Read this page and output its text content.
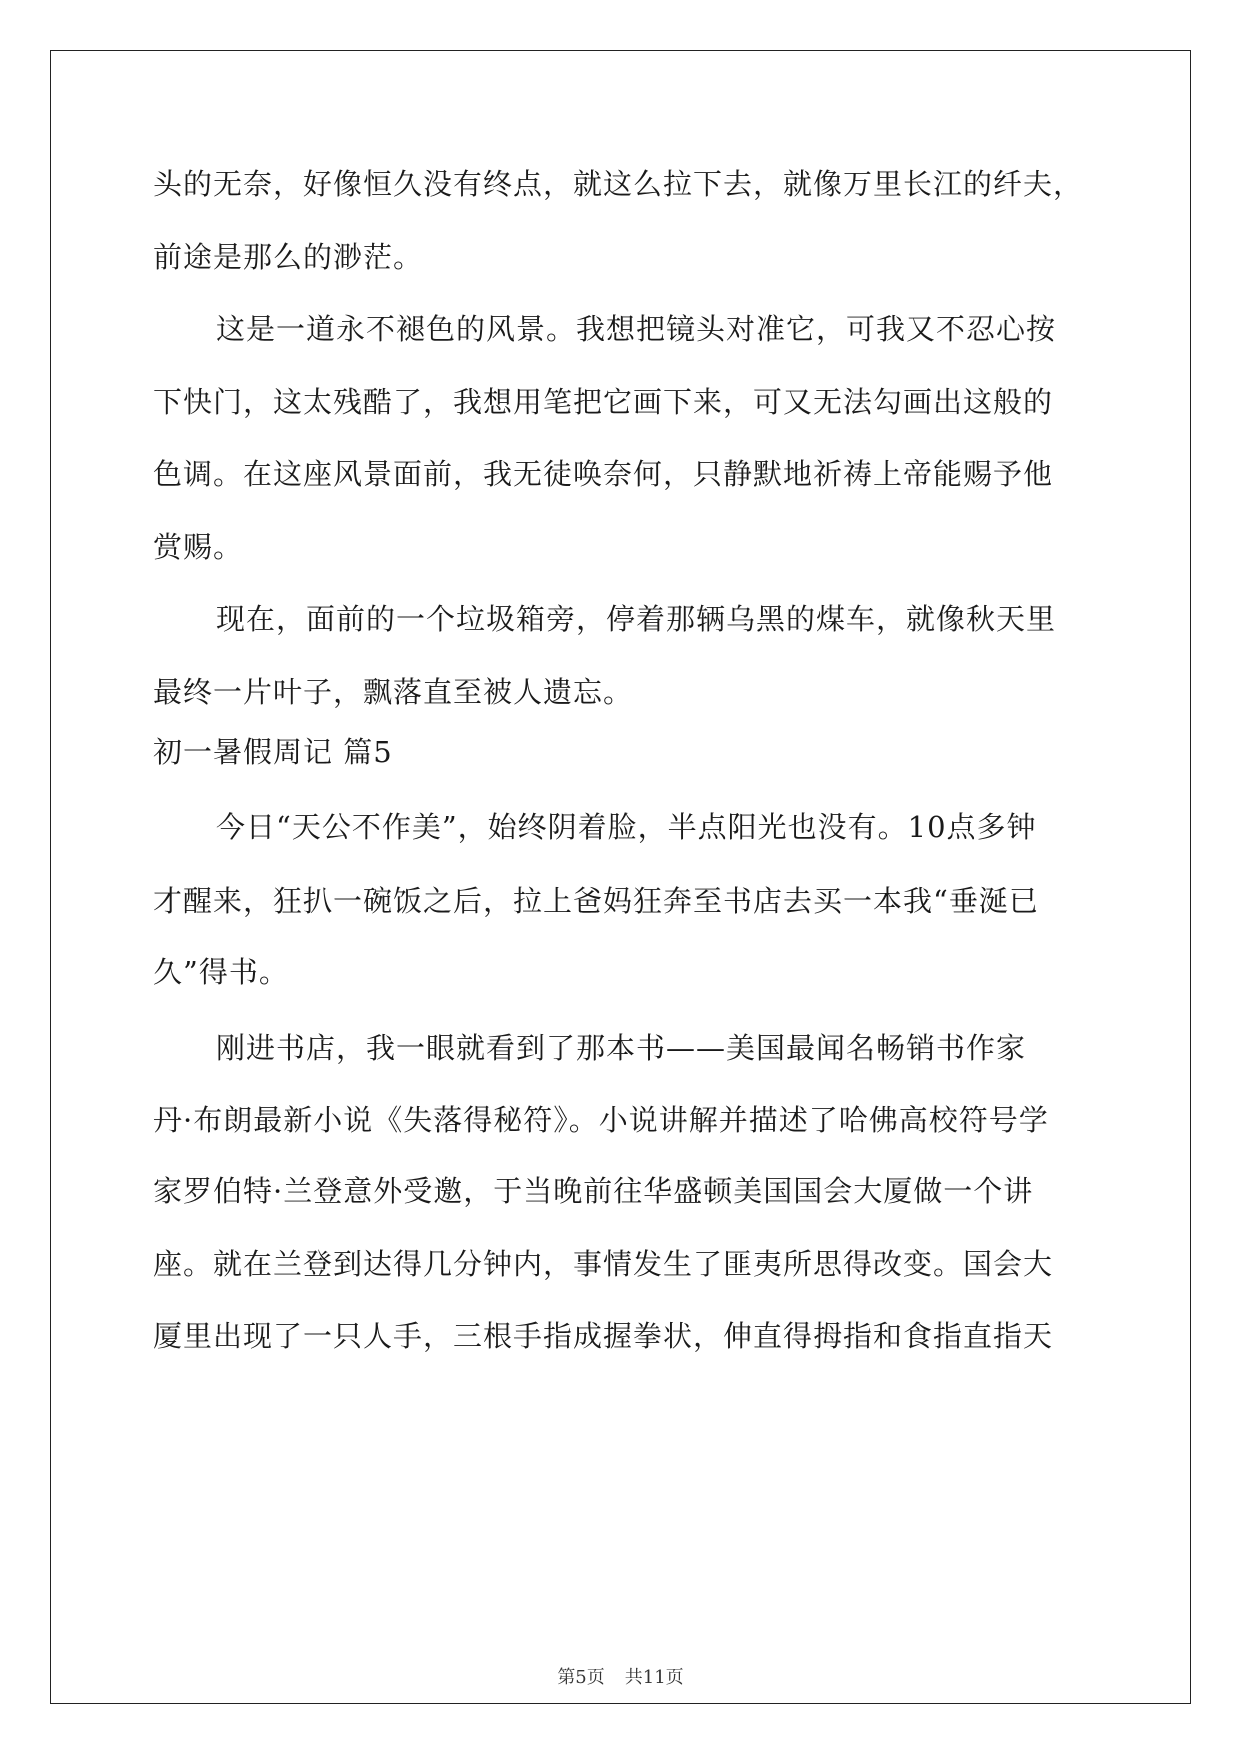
头的无奈，好像恒久没有终点，就这么拉下去，就像万里长江的纤夫，
前途是那么的渺茫。
这是一道永不褪色的风景。我想把镜头对准它，可我又不忍心按
下快门，这太残酷了，我想用笔把它画下来，可又无法勾画出这般的
色调。在这座风景面前，我无徒唤奈何，只静默地祈祷上帝能赐予他
赏赐。
现在，面前的一个垃圾箱旁，停着那辆乌黑的煤车，就像秋天里
最终一片叶子，飘落直至被人遗忘。
初一暑假周记 篇5
今日“天公不作美”，始终阴着脸，半点阳光也没有。10点多钟
才醒来，狂扒一碗饭之后，拉上爸妈狂奔至书店去买一本我“垂涎已
久”得书。
刚进书店，我一眼就看到了那本书——美国最闻名畅销书作家
丹·布朗最新小说《失落得秘符》。小说讲解并描述了哈佛高校符号学
家罗伯特·兰登意外受邀，于当晚前往华盛顿美国国会大厦做一个讲
座。就在兰登到达得几分钟内，事情发生了匪夷所思得改变。国会大
厦里出现了一只人手，三根手指成握拳状，伸直得拇指和食指直指天
第5页 共11页
